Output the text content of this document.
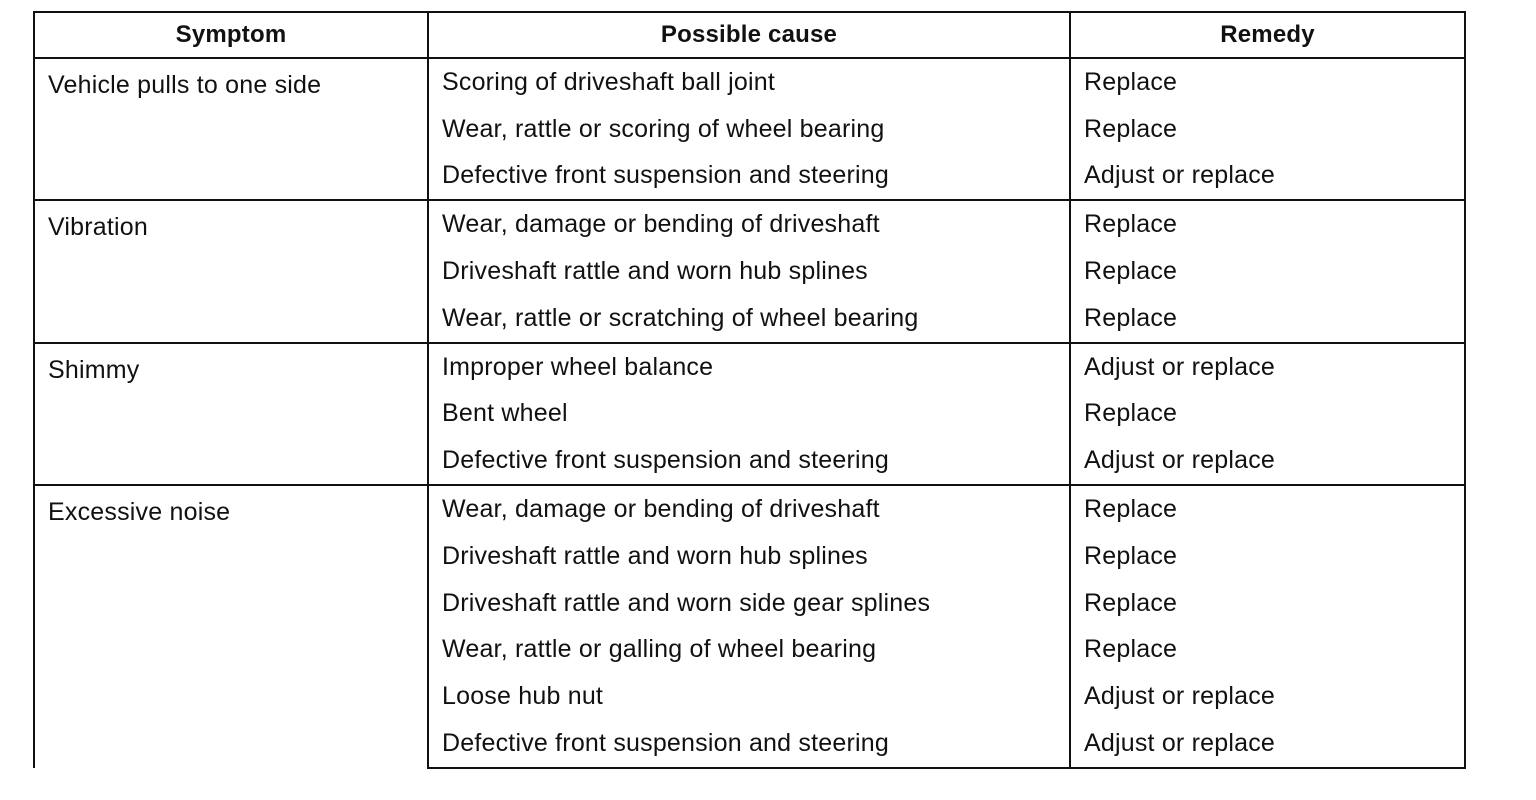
Symptom	Possible cause	Remedy
Vehicle pulls to one side	Scoring of driveshaft ball joint	Replace
	Wear, rattle or scoring of wheel bearing	Replace
	Defective front suspension and steering	Adjust or replace
Vibration	Wear, damage or bending of driveshaft	Replace
	Driveshaft rattle and worn hub splines	Replace
	Wear, rattle or scratching of wheel bearing	Replace
Shimmy	Improper wheel balance	Adjust or replace
	Bent wheel	Replace
	Defective front suspension and steering	Adjust or replace
Excessive noise	Wear, damage or bending of driveshaft	Replace
	Driveshaft rattle and worn hub splines	Replace
	Driveshaft rattle and worn side gear splines	Replace
	Wear, rattle or galling of wheel bearing	Replace
	Loose hub nut	Adjust or replace
	Defective front suspension and steering	Adjust or replace
